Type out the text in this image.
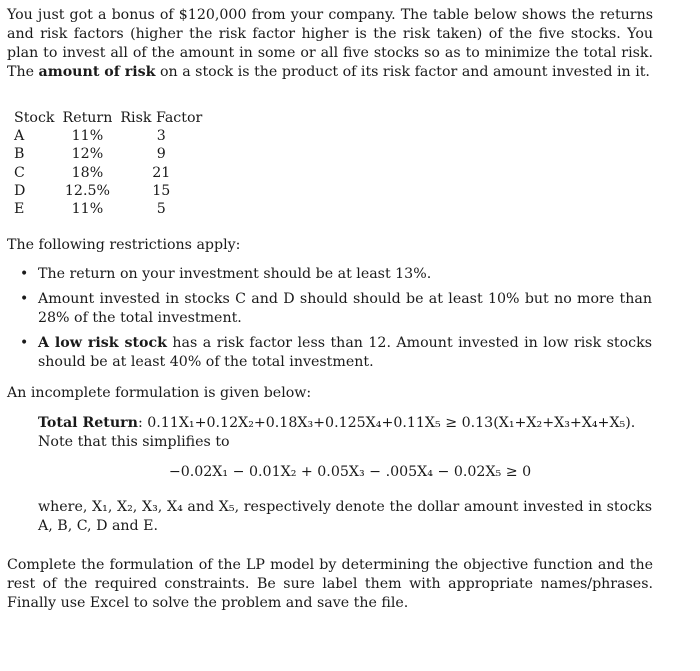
You just got a bonus of $120,000 from your company. The table below shows the returns and risk factors (higher the risk factor higher is the risk taken) of the five stocks. You plan to invest all of the amount in some or all five stocks so as to minimize the total risk. The amount of risk on a stock is the product of its risk factor and amount invested in it.

Stock	Return	Risk Factor
A	11%	3
B	12%	9
C	18%	21
D	12.5%	15
E	11%	5

The following restrictions apply:

• The return on your investment should be at least 13%.
• Amount invested in stocks C and D should should be at least 10% but no more than 28% of the total investment.
• A low risk stock has a risk factor less than 12. Amount invested in low risk stocks should be at least 40% of the total investment.

An incomplete formulation is given below:

Total Return: 0.11X₁+0.12X₂+0.18X₃+0.125X₄+0.11X₅ ≥ 0.13(X₁+X₂+X₃+X₄+X₅).
Note that this simplifies to

−0.02X₁ − 0.01X₂ + 0.05X₃ − .005X₄ − 0.02X₅ ≥ 0

where, X₁, X₂, X₃, X₄ and X₅, respectively denote the dollar amount invested in stocks A, B, C, D and E.

Complete the formulation of the LP model by determining the objective function and the rest of the required constraints. Be sure label them with appropriate names/phrases. Finally use Excel to solve the problem and save the file.
